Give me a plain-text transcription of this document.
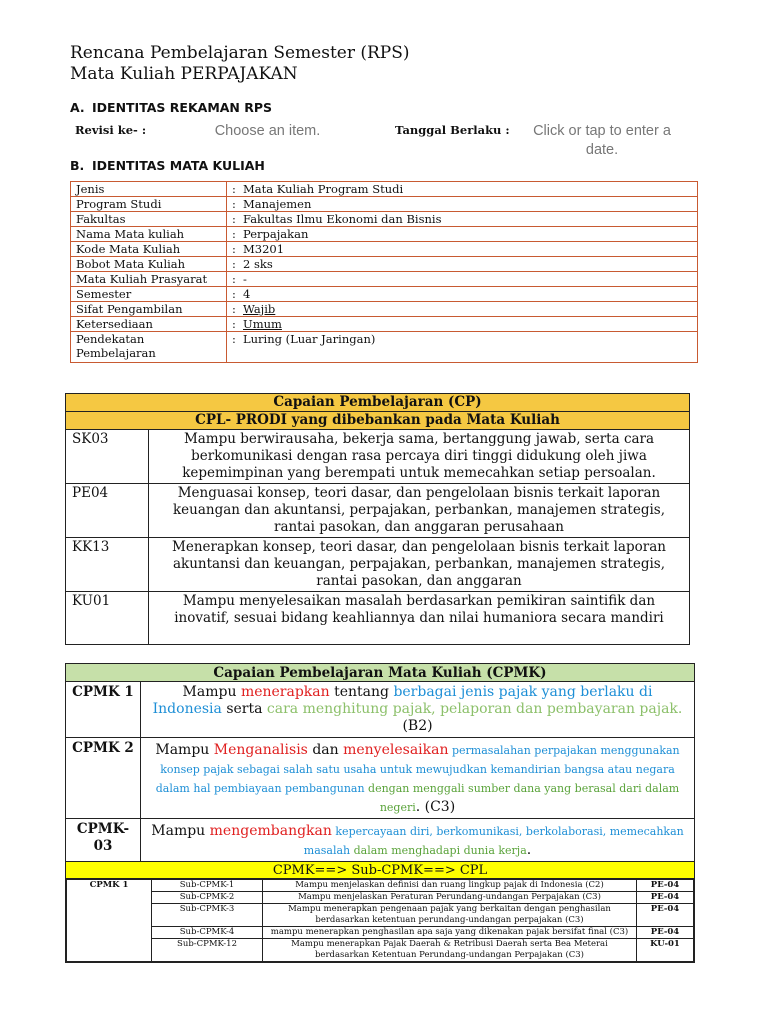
Rencana Pembelajaran Semester (RPS)
Mata Kuliah PERPAJAKAN
A. IDENTITAS REKAMAN RPS
Revisi ke- :	Choose an item.	Tanggal Berlaku :	Click or tap to enter a
date.
B. IDENTITAS MATA KULIAH
Jenis	: Mata Kuliah Program Studi
Program Studi	: Manajemen
Fakultas	: Fakultas Ilmu Ekonomi dan Bisnis
Nama Mata kuliah	: Perpajakan
Kode Mata Kuliah	: M3201
Bobot Mata Kuliah	: 2 sks
Mata Kuliah Prasyarat	: -
Semester	: 4
Sifat Pengambilan	: Wajib
Ketersediaan	: Umum
Pendekatan Pembelajaran	: Luring (Luar Jaringan)
Capaian Pembelajaran (CP)	
CPL- PRODI yang dibebankan pada Mata Kuliah	
SK03	Mampu berwirausaha, bekerja sama, bertanggung jawab, serta cara berkomunikasi dengan rasa percaya diri tinggi didukung oleh jiwa kepemimpinan yang berempati untuk memecahkan setiap persoalan.
PE04	Menguasai konsep, teori dasar, dan pengelolaan bisnis terkait laporan keuangan dan akuntansi, perpajakan, perbankan, manajemen strategis, rantai pasokan, dan anggaran perusahaan
KK13	Menerapkan konsep, teori dasar, dan pengelolaan bisnis terkait laporan akuntansi dan keuangan, perpajakan, perbankan, manajemen strategis, rantai pasokan, dan anggaran
KU01	Mampu menyelesaikan masalah berdasarkan pemikiran saintifik dan inovatif, sesuai bidang keahliannya dan nilai humaniora secara mandiri
Capaian Pembelajaran Mata Kuliah (CPMK)
CPMK 1	Mampu menerapkan tentang berbagai jenis pajak yang berlaku di Indonesia serta cara menghitung pajak, pelaporan dan pembayaran pajak. (B2)
CPMK 2	Mampu Menganalisis dan menyelesaikan permasalahan perpajakan menggunakan konsep pajak sebagai salah satu usaha untuk mewujudkan kemandirian bangsa atau negara dalam hal pembiayaan pembangunan dengan menggali sumber dana yang berasal dari dalam negeri. (C3)
CPMK-03	Mampu mengembangkan kepercayaan diri, berkomunikasi, berkolaborasi, memecahkan masalah dalam menghadapi dunia kerja.
CPMK==> Sub-CPMK==> CPL

CPMK 1	Sub-CPMK-1	Mampu menjelaskan definisi dan ruang lingkup pajak di Indonesia (C2)	PE-04
Sub-CPMK-2	Mampu menjelaskan Peraturan Perundang-undangan Perpajakan (C3)	PE-04
Sub-CPMK-3	Mampu menerapkan pengenaan pajak yang berkaitan dengan penghasilan berdasarkan ketentuan perundang-undangan perpajakan (C3)	PE-04
Sub-CPMK-4	mampu menerapkan penghasilan apa saja yang dikenakan pajak bersifat final (C3)	PE-04
Sub-CPMK-12	Mampu menerapkan Pajak Daerah & Retribusi Daerah serta Bea Meterai berdasarkan Ketentuan Perundang-undangan Perpajakan (C3)	KU-01
